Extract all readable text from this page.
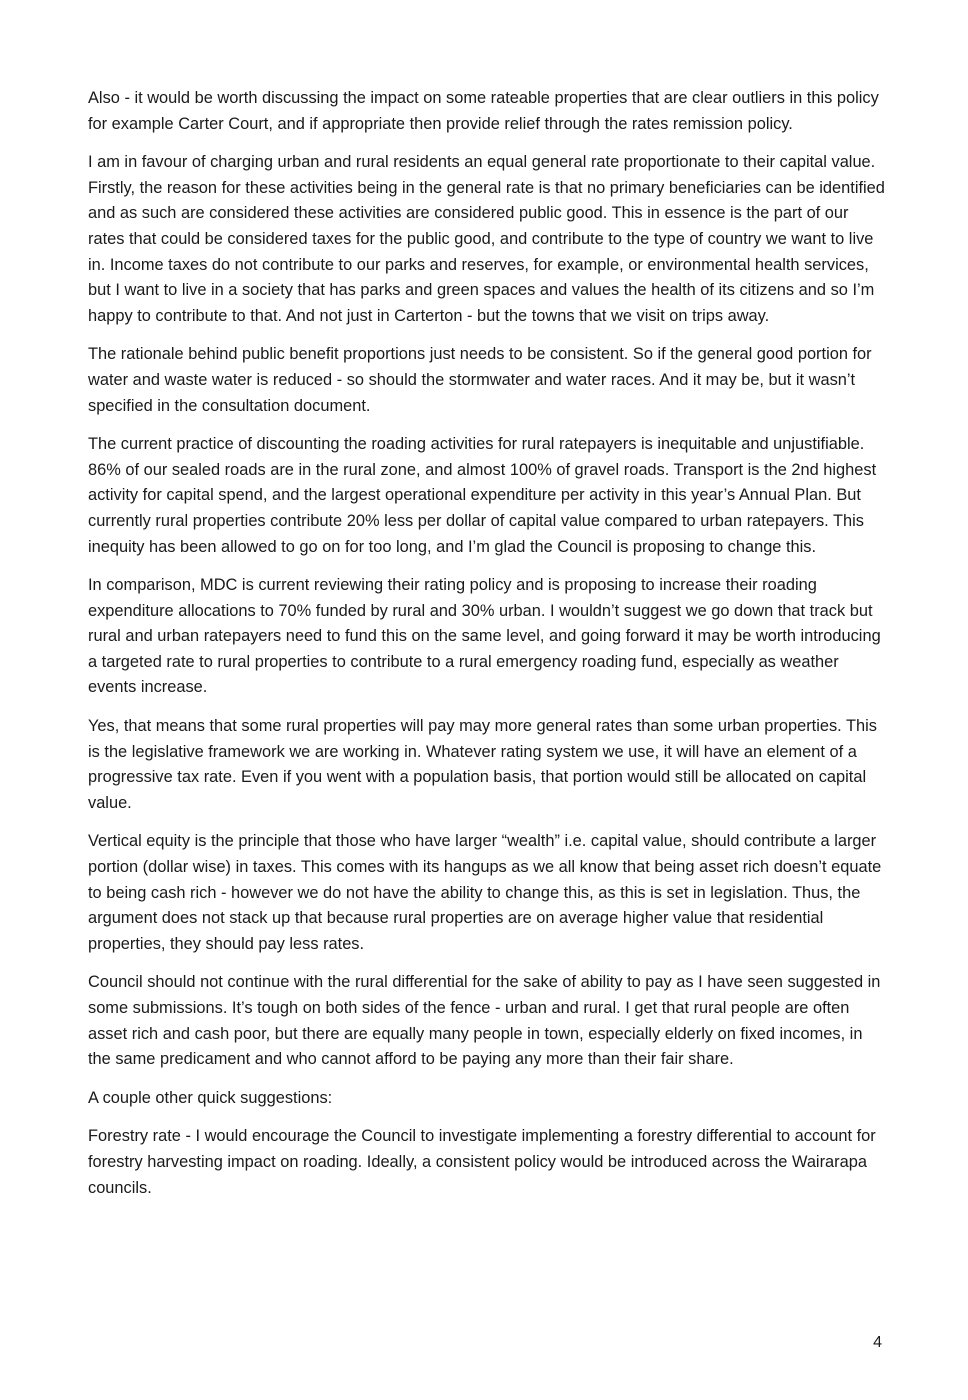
Also - it would be worth discussing the impact on some rateable properties that are clear outliers in this policy for example Carter Court, and if appropriate then provide relief through the rates remission policy.

I am in favour of charging urban and rural residents an equal general rate proportionate to their capital value. Firstly, the reason for these activities being in the general rate is that no primary beneficiaries can be identified and as such are considered these activities are considered public good. This in essence is the part of our rates that could be considered taxes for the public good, and contribute to the type of country we want to live in. Income taxes do not contribute to our parks and reserves, for example, or environmental health services, but I want to live in a society that has parks and green spaces and values the health of its citizens and so I’m happy to contribute to that. And not just in Carterton - but the towns that we visit on trips away.

The rationale behind public benefit proportions just needs to be consistent. So if the general good portion for water and waste water is reduced - so should the stormwater and water races. And it may be, but it wasn’t specified in the consultation document.

The current practice of discounting the roading activities for rural ratepayers is inequitable and unjustifiable. 86% of our sealed roads are in the rural zone, and almost 100% of gravel roads. Transport is the 2nd highest activity for capital spend, and the largest operational expenditure per activity in this year’s Annual Plan. But currently rural properties contribute 20% less per dollar of capital value compared to urban ratepayers. This inequity has been allowed to go on for too long, and I’m glad the Council is proposing to change this.

In comparison, MDC is current reviewing their rating policy and is proposing to increase their roading expenditure allocations to 70% funded by rural and 30% urban. I wouldn’t suggest we go down that track but rural and urban ratepayers need to fund this on the same level, and going forward it may be worth introducing a targeted rate to rural properties to contribute to a rural emergency roading fund, especially as weather events increase.

Yes, that means that some rural properties will pay may more general rates than some urban properties. This is the legislative framework we are working in. Whatever rating system we use, it will have an element of a progressive tax rate. Even if you went with a population basis, that portion would still be allocated on capital value.

Vertical equity is the principle that those who have larger “wealth” i.e. capital value, should contribute a larger portion (dollar wise) in taxes. This comes with its hangups as we all know that being asset rich doesn’t equate to being cash rich - however we do not have the ability to change this, as this is set in legislation. Thus, the argument does not stack up that because rural properties are on average higher value that residential properties, they should pay less rates.

Council should not continue with the rural differential for the sake of ability to pay as I have seen suggested in some submissions. It’s tough on both sides of the fence - urban and rural. I get that rural people are often asset rich and cash poor, but there are equally many people in town, especially elderly on fixed incomes, in the same predicament and who cannot afford to be paying any more than their fair share.

A couple other quick suggestions:

Forestry rate - I would encourage the Council to investigate implementing a forestry differential to account for forestry harvesting impact on roading. Ideally, a consistent policy would be introduced across the Wairarapa councils.

4
